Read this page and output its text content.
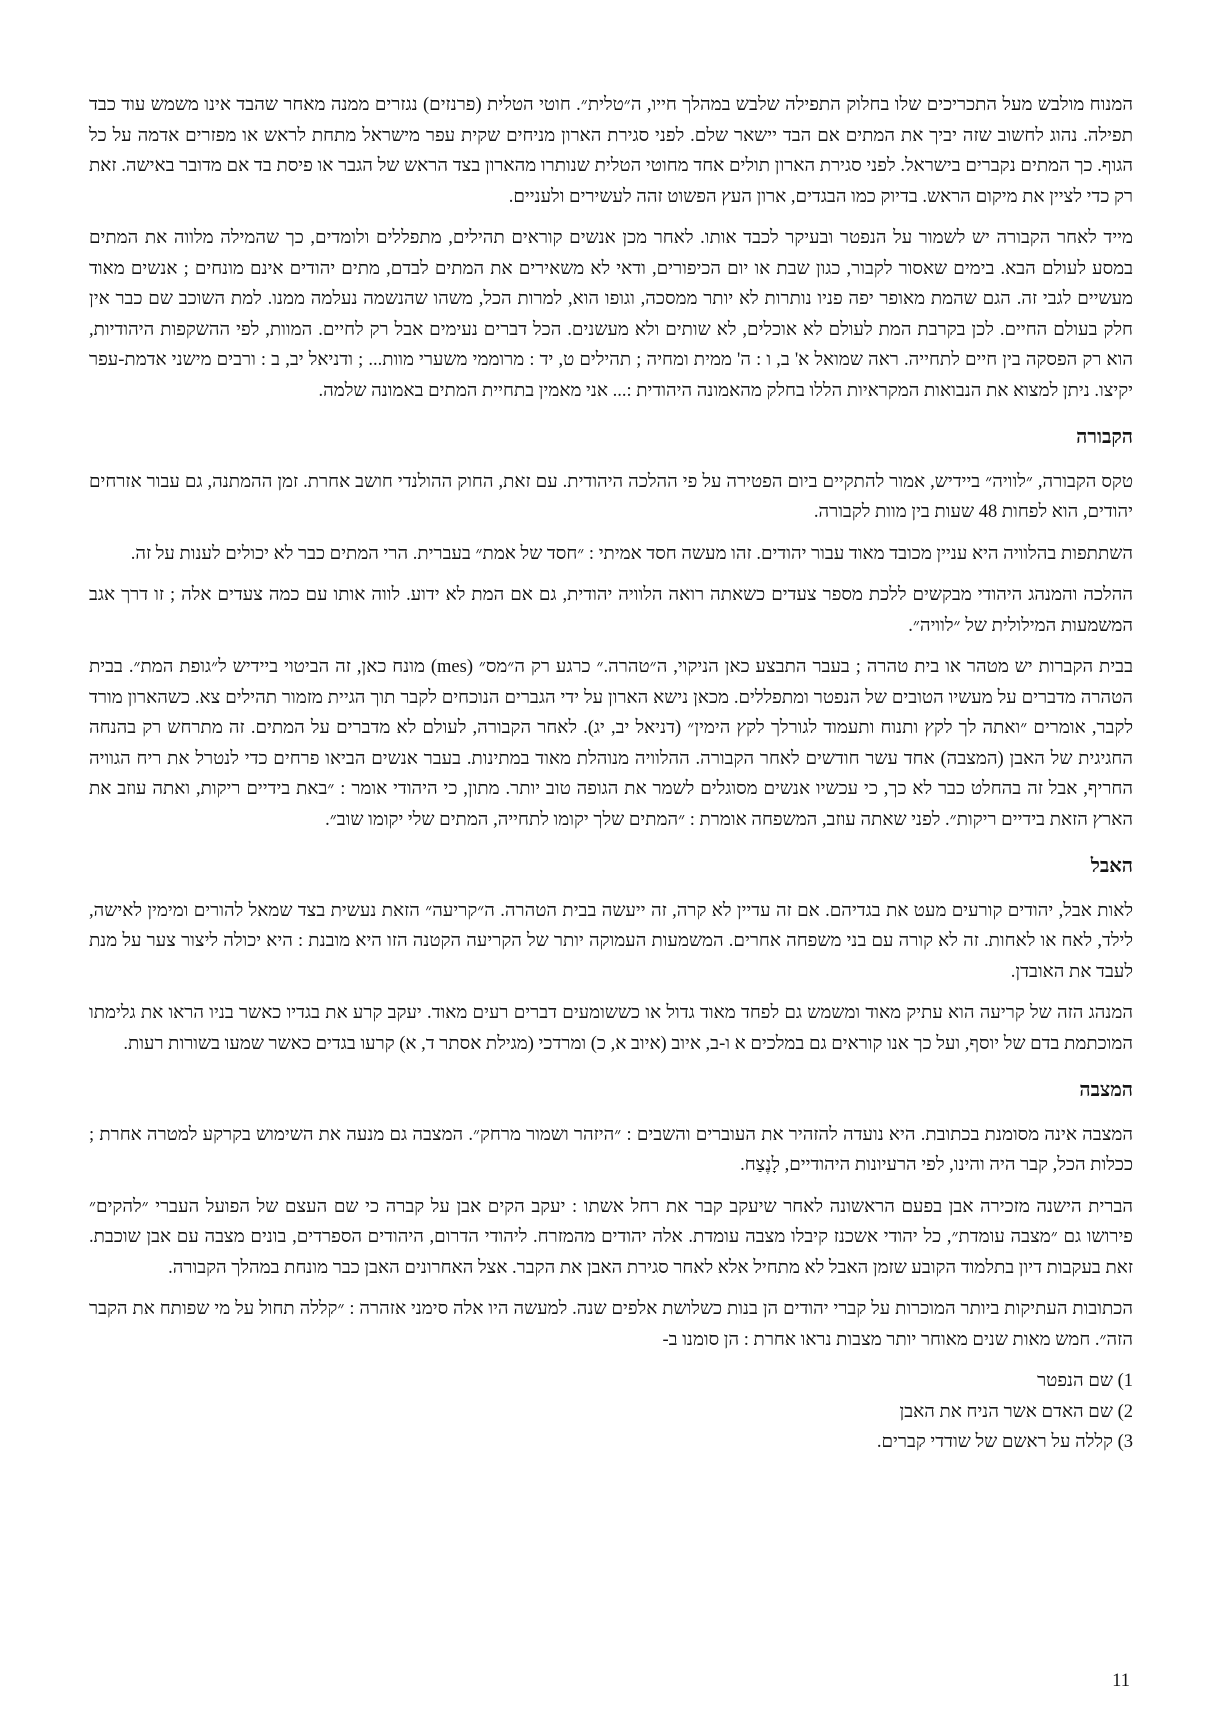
המנוח מולבש מעל התכריכים שלו בחלוק התפילה שלבש במהלך חייו, ה״טלית״. חוטי הטלית (פרנזים) נגזרים ממנה מאחר שהבד אינו משמש עוד כבד תפילה. נהוג לחשוב שזה יביך את המתים אם הבד יישאר שלם. לפני סגירת הארון מניחים שקית עפר מישראל מתחת לראש או מפזרים אדמה על כל הגוף. כך המתים נקברים בישראל. לפני סגירת הארון תולים אחד מחוטי הטלית שנותרו מהארון בצד הראש של הגבר או פיסת בד אם מדובר באישה. זאת רק כדי לציין את מיקום הראש. בדיוק כמו הבגדים, ארון העץ הפשוט זהה לעשירים ולעניים.

מייד לאחר הקבורה יש לשמור על הנפטר ובעיקר לכבד אותו. לאחר מכן אנשים קוראים תהילים, מתפללים ולומדים, כך שהמילה מלווה את המתים במסע לעולם הבא. בימים שאסור לקבור, כגון שבת או יום הכיפורים, ודאי לא משאירים את המתים לבדם, מתים יהודים אינם מונחים ; אנשים מאוד מעשיים לגבי זה. הגם שהמת מאופר יפה פניו נותרות לא יותר ממסכה, וגופו הוא, למרות הכל, משהו שהנשמה נעלמה ממנו. למת השוכב שם כבר אין חלק בעולם החיים. לכן בקרבת המת לעולם לא אוכלים, לא שותים ולא מעשנים. הכל דברים נעימים אבל רק לחיים. המוות, לפי ההשקפות היהודיות, הוא רק הפסקה בין חיים לתחייה. ראה שמואל א' ב, ו : ה' ממית ומחיה ; תהילים ט, יד : מרוממי משערי מוות... ; ודניאל יב, ב : ורבים מישני אדמת-עפר יקיצו. ניתן למצוא את הנבואות המקראיות הללו בחלק מהאמונה היהודית :... אני מאמין בתחיית המתים באמונה שלמה.

הקבורה

טקס הקבורה, ״לוויה״ ביידיש, אמור להתקיים ביום הפטירה על פי ההלכה היהודית. עם זאת, החוק ההולנדי חושב אחרת. זמן ההמתנה, גם עבור אזרחים יהודים, הוא לפחות 48 שעות בין מוות לקבורה.

השתתפות בהלוויה היא עניין מכובד מאוד עבור יהודים. זהו מעשה חסד אמיתי : ״חסד של אמת״ בעברית. הרי המתים כבר לא יכולים לענות על זה.

ההלכה והמנהג היהודי מבקשים ללכת מספר צעדים כשאתה רואה הלוויה יהודית, גם אם המת לא ידוע. לווה אותו עם כמה צעדים אלה ; זו דרך אגב המשמעות המילולית של ״לוויה״.

בבית הקברות יש מטהר או בית טהרה ; בעבר התבצע כאן הניקוי, ה״טהרה.״ כרגע רק ה״מס״ (mes) מונח כאן, זה הביטוי ביידיש ל״גופת המת״. בבית הטהרה מדברים על מעשיו הטובים של הנפטר ומתפללים. מכאן נישא הארון על ידי הגברים הנוכחים לקבר תוך הגיית מזמור תהילים צא. כשהארון מורד לקבר, אומרים ״ואתה לך לקץ ותנוח ותעמוד לגורלך לקץ הימין״ (דניאל יב, יג). לאחר הקבורה, לעולם לא מדברים על המתים. זה מתרחש רק בהנחה החגיגית של האבן (המצבה) אחד עשר חודשים לאחר הקבורה. ההלוויה מנוהלת מאוד במתינות. בעבר אנשים הביאו פרחים כדי לנטרל את ריח הגוויה החריף, אבל זה בהחלט כבר לא כך, כי עכשיו אנשים מסוגלים לשמר את הגופה טוב יותר. מתון, כי היהודי אומר : ״באת בידיים ריקות, ואתה עוזב את הארץ הזאת בידיים ריקות״. לפני שאתה עוזב, המשפחה אומרת : ״המתים שלך יקומו לתחייה, המתים שלי יקומו שוב״.

האבל

לאות אבל, יהודים קורעים מעט את בגדיהם. אם זה עדיין לא קרה, זה ייעשה בבית הטהרה. ה״קריעה״ הזאת נעשית בצד שמאל להורים ומימין לאישה, לילד, לאח או לאחות. זה לא קורה עם בני משפחה אחרים. המשמעות העמוקה יותר של הקריעה הקטנה הזו היא מובנת : היא יכולה ליצור צער על מנת לעבד את האובדן.

המנהג הזה של קריעה הוא עתיק מאוד ומשמש גם לפחד מאוד גדול או כששומעים דברים רעים מאוד. יעקב קרע את בגדיו כאשר בניו הראו את גלימתו המוכתמת בדם של יוסף, ועל כך אנו קוראים גם במלכים א ו-ב, איוב (איוב א, כ) ומרדכי (מגילת אסתר ד, א) קרעו בגדים כאשר שמעו בשורות רעות.

המצבה

המצבה אינה מסומנת בכתובת. היא נועדה להזהיר את העוברים והשבים : ״היזהר ושמור מרחק״. המצבה גם מנעה את השימוש בקרקע למטרה אחרת ; ככלות הכל, קבר היה והינו, לפי הרעיונות היהודיים, לָנֶצַח.

הברית הישנה מזכירה אבן בפעם הראשונה לאחר שיעקב קבר את רחל אשתו : יעקב הקים אבן על קברה כי שם העצם של הפועל העברי ״להקים״ פירושו גם ״מצבה עומדת״, כל יהודי אשכנז קיבלו מצבה עומדת. אלה יהודים מהמזרח. ליהודי הדרום, היהודים הספרדים, בונים מצבה עם אבן שוכבת. זאת בעקבות דיון בתלמוד הקובע שזמן האבל לא מתחיל אלא לאחר סגירת האבן את הקבר. אצל האחרונים האבן כבר מונחת במהלך הקבורה.

הכתובות העתיקות ביותר המוכרות על קברי יהודים הן בנות כשלושת אלפים שנה. למעשה היו אלה סימני אזהרה : ״קללה תחול על מי שפותח את הקבר הזה״. חמש מאות שנים מאוחר יותר מצבות נראו אחרת : הן סומנו ב-

1) שם הנפטר

2) שם האדם אשר הניח את האבן

3) קללה על ראשם של שודדי קברים.

11
